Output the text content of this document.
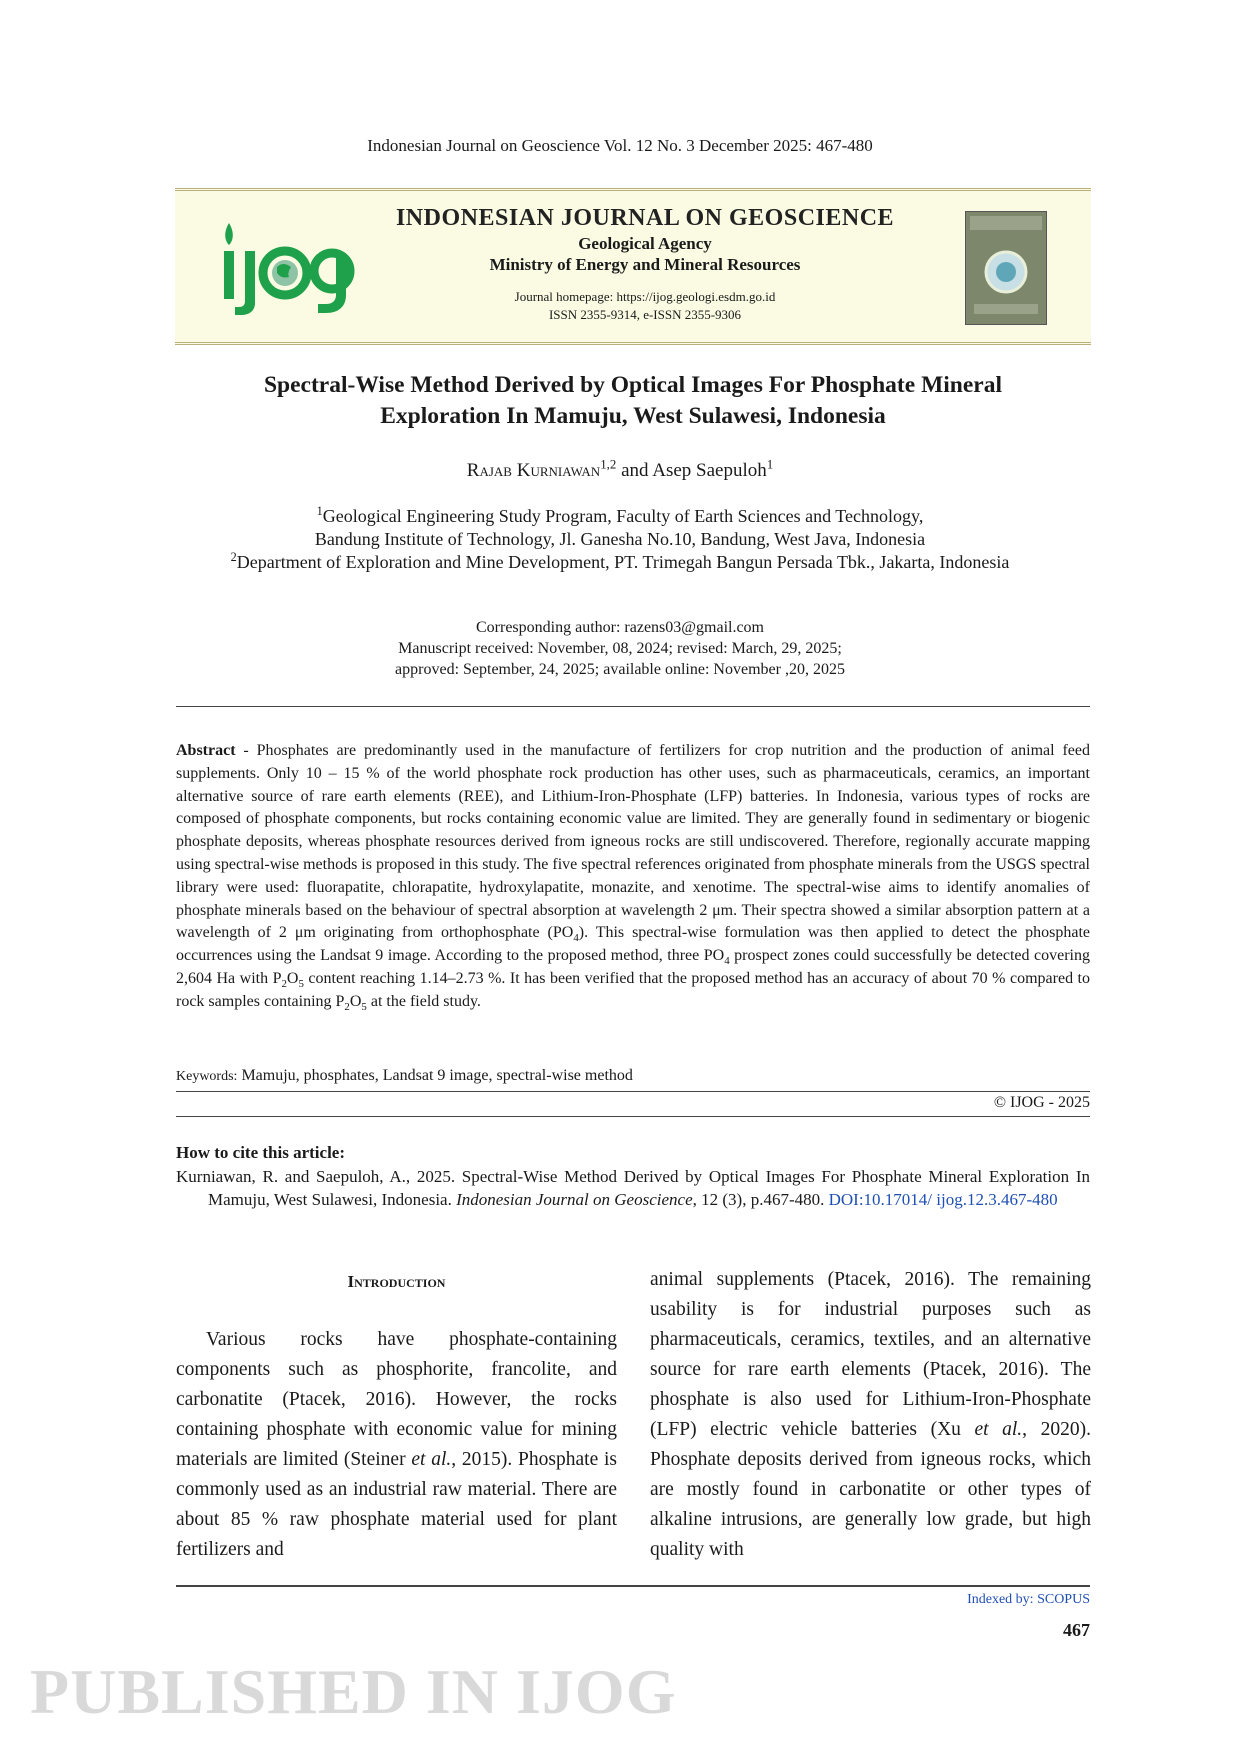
Indonesian Journal on Geoscience Vol. 12 No. 3 December 2025: 467-480
INDONESIAN JOURNAL ON GEOSCIENCE
Geological Agency
Ministry of Energy and Mineral Resources
Journal homepage: https://ijog.geologi.esdm.go.id
ISSN 2355-9314, e-ISSN 2355-9306
Spectral-Wise Method Derived by Optical Images For Phosphate Mineral
Exploration In Mamuju, West Sulawesi, Indonesia
Rajab Kurniawan$^{1,2}$ and Asep Saepuloh$^1$
$^1$Geological Engineering Study Program, Faculty of Earth Sciences and Technology,
Bandung Institute of Technology, Jl. Ganesha No.10, Bandung, West Java, Indonesia
$^2$Department of Exploration and Mine Development, PT. Trimegah Bangun Persada Tbk., Jakarta, Indonesia
Corresponding author: razens03@gmail.com
Manuscript received: November, 08, 2024; revised: March, 29, 2025;
approved: September, 24, 2025; available online: November ,20, 2025
Abstract - Phosphates are predominantly used in the manufacture of fertilizers for crop nutrition and the production of animal feed supplements. Only 10 – 15 % of the world phosphate rock production has other uses, such as pharmaceuticals, ceramics, an important alternative source of rare earth elements (REE), and Lithium-Iron-Phosphate (LFP) batteries. In Indonesia, various types of rocks are composed of phosphate components, but rocks containing economic value are limited. They are generally found in sedimentary or biogenic phosphate deposits, whereas phosphate resources derived from igneous rocks are still undiscovered. Therefore, regionally accurate mapping using spectral-wise methods is proposed in this study. The five spectral references originated from phosphate minerals from the USGS spectral library were used: fluorapatite, chlorapatite, hydroxylapatite, monazite, and xenotime. The spectral-wise aims to identify anomalies of phosphate minerals based on the behaviour of spectral absorption at wavelength 2 μm. Their spectra showed a similar absorption pattern at a wavelength of 2 μm originating from orthophosphate $(PO_4)$. This spectral-wise formulation was then applied to detect the phosphate occurrences using the Landsat 9 image. According to the proposed method, three $PO_4$ prospect zones could successfully be detected covering 2,604 Ha with $P_2O_5$ content reaching 1.14–2.73 %. It has been verified that the proposed method has an accuracy of about 70 % compared to rock samples containing $P_2O_5$ at the field study.
Keywords: Mamuju, phosphates, Landsat 9 image, spectral-wise method
© IJOG - 2025
How to cite this article:
Kurniawan, R. and Saepuloh, A., 2025. Spectral-Wise Method Derived by Optical Images For Phosphate Mineral Exploration In Mamuju, West Sulawesi, Indonesia. Indonesian Journal on Geoscience, 12 (3), p.467-480. DOI:10.17014/ ijog.12.3.467-480
Introduction

Various rocks have phosphate-containing components such as phosphorite, francolite, and carbonatite (Ptacek, 2016). However, the rocks containing phosphate with economic value for mining materials are limited (Steiner et al., 2015). Phosphate is commonly used as an industrial raw material. There are about 85 % raw phosphate material used for plant fertilizers and

animal supplements (Ptacek, 2016). The remaining usability is for industrial purposes such as pharmaceuticals, ceramics, textiles, and an alternative source for rare earth elements (Ptacek, 2016). The phosphate is also used for Lithium-Iron-Phosphate (LFP) electric vehicle batteries (Xu et al., 2020). Phosphate deposits derived from igneous rocks, which are mostly found in carbonatite or other types of alkaline intrusions, are generally low grade, but high quality with
Indexed by: SCOPUS
467
PUBLISHED IN IJOG
